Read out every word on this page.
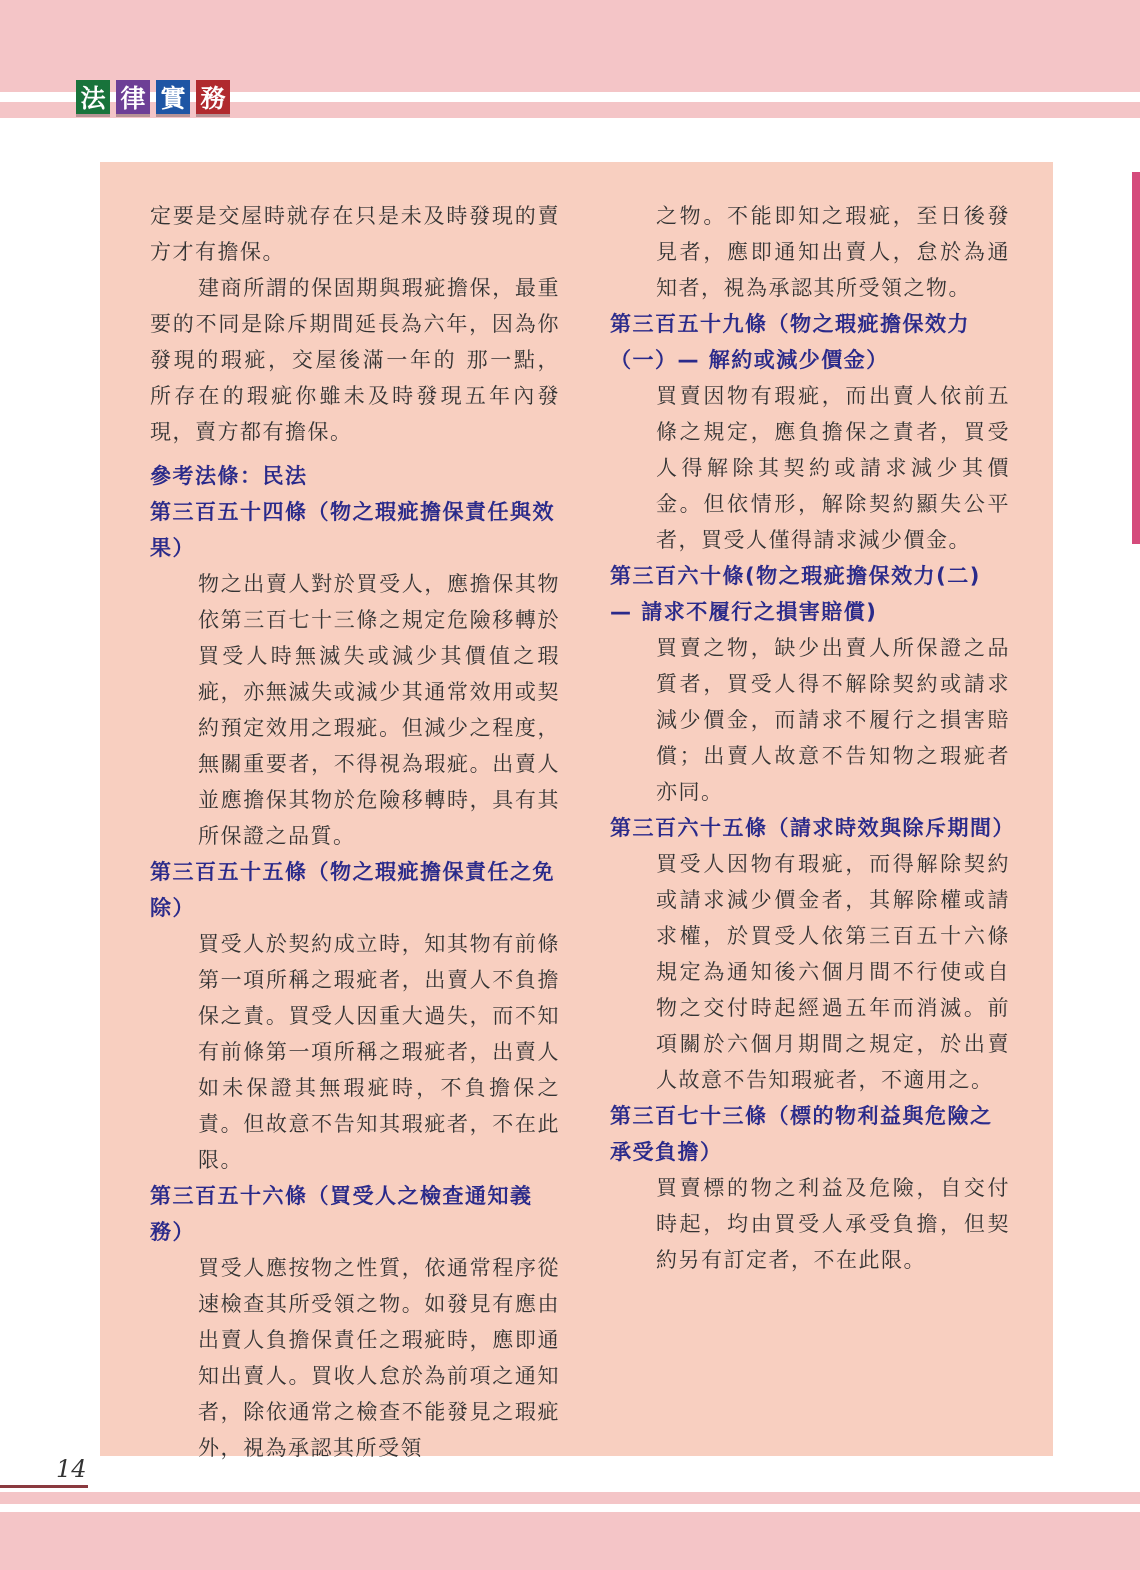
法 律 實 務

定要是交屋時就存在只是未及時發現的賣方才有擔保。

建商所謂的保固期與瑕疵擔保，最重要的不同是除斥期間延長為六年，因為你發現的瑕疵，交屋後滿一年的 那一點，所存在的瑕疵你雖未及時發現五年內發現，賣方都有擔保。

參考法條：民法

第三百五十四條（物之瑕疵擔保責任與效果）

物之出賣人對於買受人，應擔保其物依第三百七十三條之規定危險移轉於買受人時無滅失或減少其價值之瑕疵，亦無滅失或減少其通常效用或契約預定效用之瑕疵。但減少之程度，無關重要者，不得視為瑕疵。出賣人並應擔保其物於危險移轉時，具有其所保證之品質。

第三百五十五條（物之瑕疵擔保責任之免除）

買受人於契約成立時，知其物有前條第一項所稱之瑕疵者，出賣人不負擔保之責。買受人因重大過失，而不知有前條第一項所稱之瑕疵者，出賣人如未保證其無瑕疵時，不負擔保之責。但故意不告知其瑕疵者，不在此限。

第三百五十六條（買受人之檢查通知義務）

買受人應按物之性質，依通常程序從速檢查其所受領之物。如發見有應由出賣人負擔保責任之瑕疵時，應即通知出賣人。買收人怠於為前項之通知者，除依通常之檢查不能發見之瑕疵外，視為承認其所受領

之物。不能即知之瑕疵，至日後發見者，應即通知出賣人，怠於為通知者，視為承認其所受領之物。

第三百五十九條（物之瑕疵擔保效力（一）— 解約或減少價金）

買賣因物有瑕疵，而出賣人依前五條之規定，應負擔保之責者，買受人得解除其契約或請求減少其價金。但依情形，解除契約顯失公平者，買受人僅得請求減少價金。

第三百六十條(物之瑕疵擔保效力(二) — 請求不履行之損害賠償)

買賣之物，缺少出賣人所保證之品質者，買受人得不解除契約或請求減少價金，而請求不履行之損害賠償；出賣人故意不告知物之瑕疵者亦同。

第三百六十五條（請求時效與除斥期間）

買受人因物有瑕疵，而得解除契約或請求減少價金者，其解除權或請求權，於買受人依第三百五十六條規定為通知後六個月間不行使或自物之交付時起經過五年而消滅。前項關於六個月期間之規定，於出賣人故意不告知瑕疵者，不適用之。

第三百七十三條（標的物利益與危險之承受負擔）

買賣標的物之利益及危險，自交付時起，均由買受人承受負擔，但契約另有訂定者，不在此限。

14
